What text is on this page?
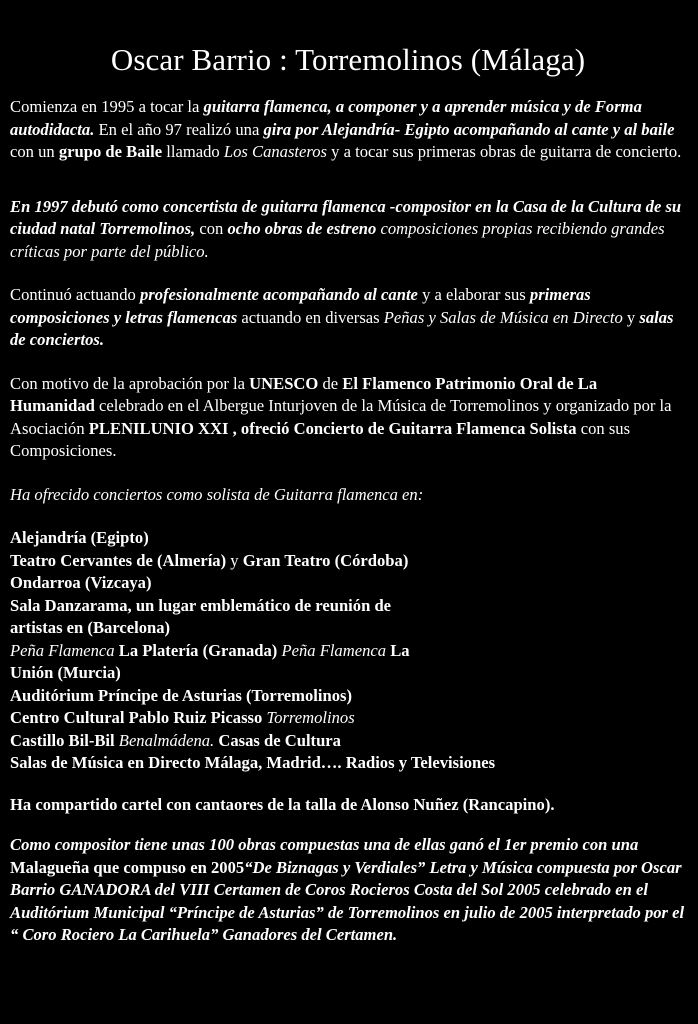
Oscar Barrio : Torremolinos (Málaga)

Comienza en 1995 a tocar la guitarra flamenca, a componer y a aprender música y de Forma autodidacta. En el año 97 realizó una gira por Alejandría- Egipto acompañando al cante y al baile con un grupo de Baile llamado Los Canasteros y a tocar sus primeras obras de guitarra de concierto.

En 1997 debutó como concertista de guitarra flamenca -compositor en la Casa de la Cultura de su ciudad natal Torremolinos, con ocho obras de estreno composiciones propias recibiendo grandes críticas por parte del público.

Continuó actuando profesionalmente acompañando al cante y a elaborar sus primeras composiciones y letras flamencas actuando en diversas Peñas y Salas de Música en Directo y salas de conciertos.

Con motivo de la aprobación por la UNESCO de El Flamenco Patrimonio Oral de La Humanidad celebrado en el Albergue Inturjoven de la Música de Torremolinos y organizado por la Asociación PLENILUNIO XXI , ofreció Concierto de Guitarra Flamenca Solista con sus Composiciones.

Ha ofrecido conciertos como solista de Guitarra flamenca en:

Alejandría (Egipto)
Teatro Cervantes de (Almería) y Gran Teatro (Córdoba)
Ondarroa (Vizcaya)
Sala Danzarama, un lugar emblemático de reunión de
artistas en (Barcelona)
Peña Flamenca La Platería (Granada) Peña Flamenca La
Unión (Murcia)
Auditórium Príncipe de Asturias (Torremolinos)
Centro Cultural Pablo Ruiz Picasso Torremolinos
Castillo Bil-Bil Benalmádena. Casas de Cultura
Salas de Música en Directo Málaga, Madrid…. Radios y Televisiones

Ha compartido cartel con cantaores de la talla de Alonso Nuñez (Rancapino).

Como compositor tiene unas 100 obras compuestas una de ellas ganó el 1er premio con una Malagueña que compuso en 2005“De Biznagas y Verdiales” Letra y Música compuesta por Oscar Barrio GANADORA del VIII Certamen de Coros Rocieros Costa del Sol 2005 celebrado en el Auditórium Municipal “Príncipe de Asturias” de Torremolinos en julio de 2005 interpretado por el “ Coro Rociero La Carihuela” Ganadores del Certamen.
